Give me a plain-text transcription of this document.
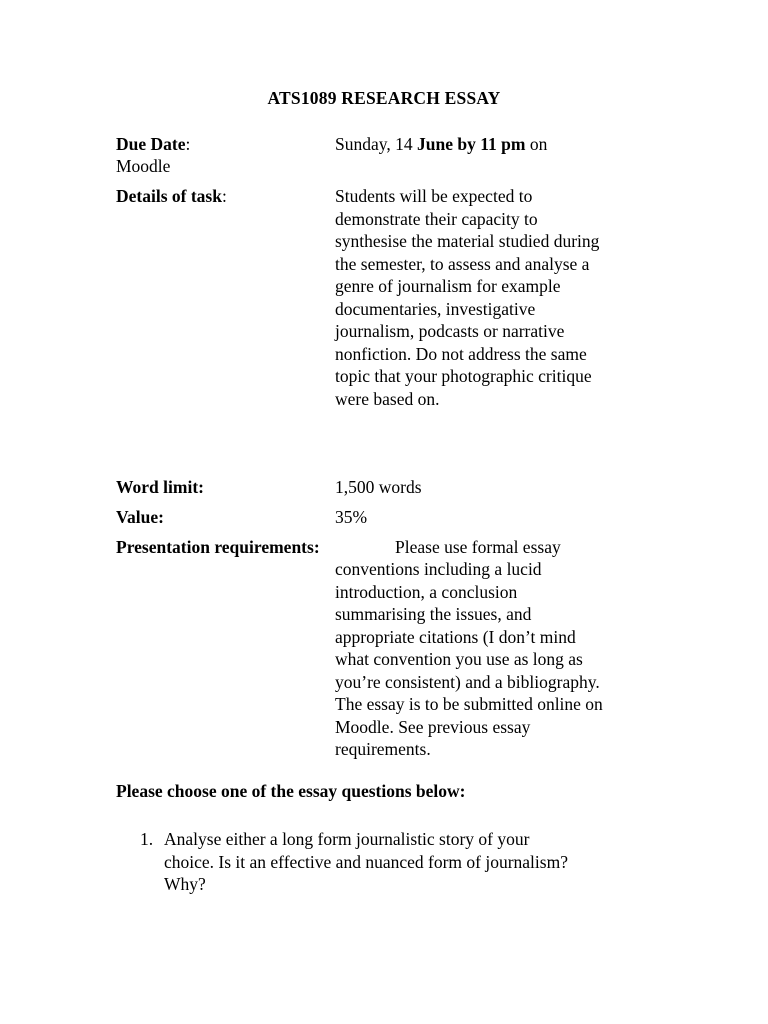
ATS1089 RESEARCH ESSAY
Due Date:	Sunday, 14 June by 11 pm on
Moodle
Details of task:	Students will be expected to
demonstrate their capacity to
synthesise the material studied during
the semester, to assess and analyse a
genre of journalism for example
documentaries, investigative
journalism, podcasts or narrative
nonfiction. Do not address the same
topic that your photographic critique
were based on.
Word limit:	1,500 words
Value:	35%
Presentation requirements:	Please use formal essay
conventions including a lucid
introduction, a conclusion
summarising the issues, and
appropriate citations (I don’t mind
what convention you use as long as
you’re consistent) and a bibliography.
The essay is to be submitted online on
Moodle. See previous essay
requirements.
Please choose one of the essay questions below:
1. Analyse either a long form journalistic story of your
choice. Is it an effective and nuanced form of journalism?
Why?
